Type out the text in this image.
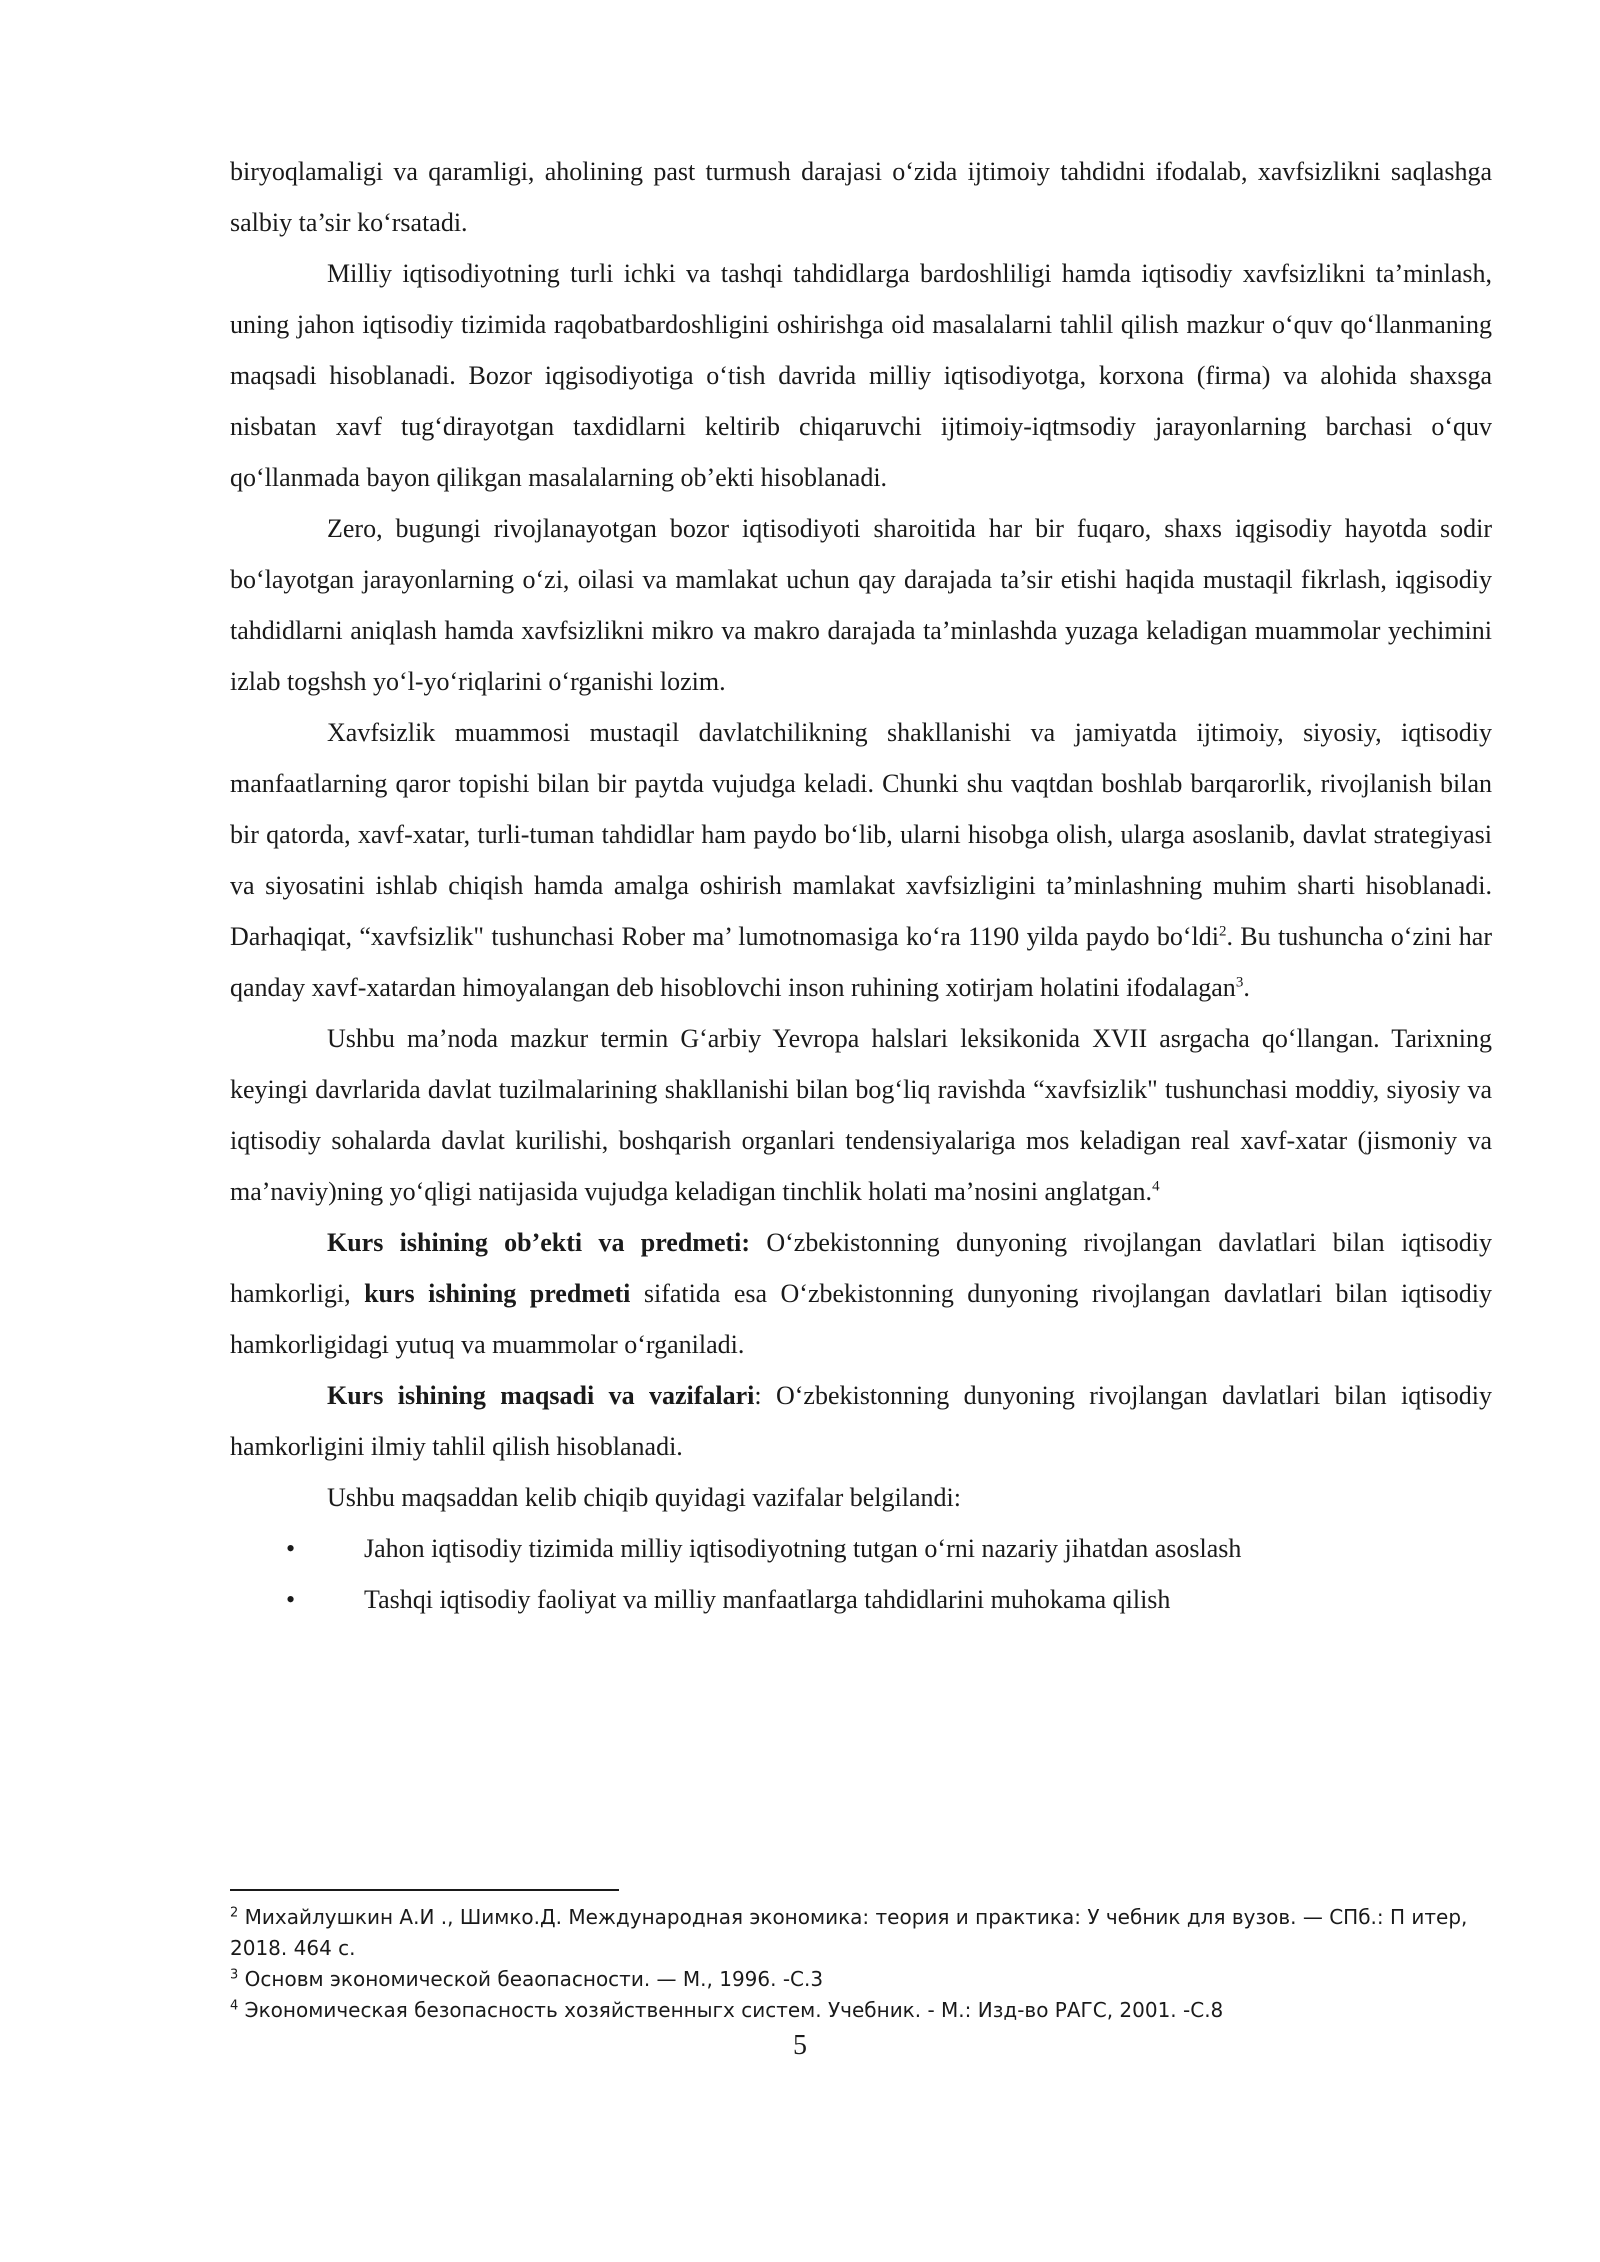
biryoqlamaligi va qaramligi, aholining past turmush darajasi o‘zida ijtimoiy tahdidni ifodalab, xavfsizlikni saqlashga salbiy ta’sir ko‘rsatadi.

Milliy iqtisodiyotning turli ichki va tashqi tahdidlarga bardoshliligi hamda iqtisodiy xavfsizlikni ta’minlash, uning jahon iqtisodiy tizimida raqobatbardoshligini oshirishga oid masalalarni tahlil qilish mazkur o‘quv qo‘llanmaning maqsadi hisoblanadi. Bozor iqgisodiyotiga o‘tish davrida milliy iqtisodiyotga, korxona (firma) va alohida shaxsga nisbatan xavf tug‘dirayotgan taxdidlarni keltirib chiqaruvchi ijtimoiy-iqtmsodiy jarayonlarning barchasi o‘quv qo‘llanmada bayon qilikgan masalalarning ob’ekti hisoblanadi.

Zero, bugungi rivojlanayotgan bozor iqtisodiyoti sharoitida har bir fuqaro, shaxs iqgisodiy hayotda sodir bo‘layotgan jarayonlarning o‘zi, oilasi va mamlakat uchun qay darajada ta’sir etishi haqida mustaqil fikrlash, iqgisodiy tahdidlarni aniqlash hamda xavfsizlikni mikro va makro darajada ta’minlashda yuzaga keladigan muammolar yechimini izlab togshsh yo‘l-yo‘riqlarini o‘rganishi lozim.

Xavfsizlik muammosi mustaqil davlatchilikning shakllanishi va jamiyatda ijtimoiy, siyosiy, iqtisodiy manfaatlarning qaror topishi bilan bir paytda vujudga keladi. Chunki shu vaqtdan boshlab barqarorlik, rivojlanish bilan bir qatorda, xavf-xatar, turli-tuman tahdidlar ham paydo bo‘lib, ularni hisobga olish, ularga asoslanib, davlat strategiyasi va siyosatini ishlab chiqish hamda amalga oshirish mamlakat xavfsizligini ta’minlashning muhim sharti hisoblanadi. Darhaqiqat, “xavfsizlik" tushunchasi Rober ma’ lumotnomasiga ko‘ra 1190 yilda paydo bo‘ldi$^2$. Bu tushuncha o‘zini har qanday xavf-xatardan himoyalangan deb hisoblovchi inson ruhining xotirjam holatini ifodalagan$^3$.

Ushbu ma’noda mazkur termin G‘arbiy Yevropa halslari leksikonida XVII asrgacha qo‘llangan. Tarixning keyingi davrlarida davlat tuzilmalarining shakllanishi bilan bog‘liq ravishda “xavfsizlik" tushunchasi moddiy, siyosiy va iqtisodiy sohalarda davlat kurilishi, boshqarish organlari tendensiyalariga mos keladigan real xavf-xatar (jismoniy va ma’naviy)ning yo‘qligi natijasida vujudga keladigan tinchlik holati ma’nosini anglatgan.$^4$

Kurs ishining ob’ekti va predmeti: O‘zbekistonning dunyoning rivojlangan davlatlari bilan iqtisodiy hamkorligi, kurs ishining predmeti sifatida esa O‘zbekistonning dunyoning rivojlangan davlatlari bilan iqtisodiy hamkorligidagi yutuq va muammolar o‘rganiladi.

Kurs ishining maqsadi va vazifalari: O‘zbekistonning dunyoning rivojlangan davlatlari bilan iqtisodiy hamkorligini ilmiy tahlil qilish hisoblanadi.

Ushbu maqsaddan kelib chiqib quyidagi vazifalar belgilandi:

•	Jahon iqtisodiy tizimida milliy iqtisodiyotning tutgan o‘rni nazariy jihatdan asoslash
•	Tashqi iqtisodiy faoliyat va milliy manfaatlarga tahdidlarini muhokama qilish

$^2$ Михайлушкин А.И ., Шимко.Д. Международная экономика: теория и практика: У чебник для вузов. — СПб.: П итер, 2018. 464 с.

$^3$ Основм экономической беаопасности. — М., 1996. -С.3

$^4$ Экономическая безопасность хозяйственныгх систем. Учебник. - М.: Изд-во РАГС, 2001. -С.8

5
